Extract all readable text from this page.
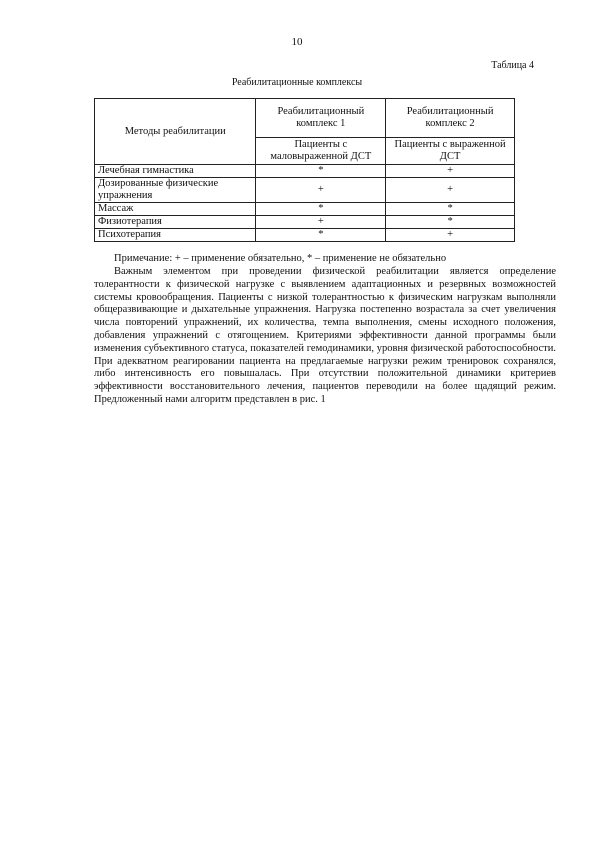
10
Таблица 4
Реабилитационные комплексы
Методы реабилитации	Реабилитационный комплекс 1	Реабилитационный комплекс 2
	Пациенты с маловыраженной ДСТ	Пациенты с выраженной ДСТ
Лечебная гимнастика	*	+
Дозированные физические упражнения	+	+
Массаж	*	*
Физиотерапия	+	*
Психотерапия	*	+
Примечание: + – применение обязательно, * – применение не обязательно

Важным элементом при проведении физической реабилитации является определение толерантности к физической нагрузке с выявлением адаптационных и резервных возможностей системы кровообращения. Пациенты с низкой толерантностью к физическим нагрузкам выполняли общеразвивающие и дыхательные упражнения. Нагрузка постепенно возрастала за счет увеличения числа повторений упражнений, их количества, темпа выполнения, смены исходного положения, добавления упражнений с отягощением. Критериями эффективности данной программы были изменения субъективного статуса, показателей гемодинамики, уровня физической работоспособности. При адекватном реагировании пациента на предлагаемые нагрузки режим тренировок сохранялся, либо интенсивность его повышалась. При отсутствии положительной динамики критериев эффективности восстановительного лечения, пациентов переводили на более щадящий режим. Предложенный нами алгоритм представлен в рис. 1
